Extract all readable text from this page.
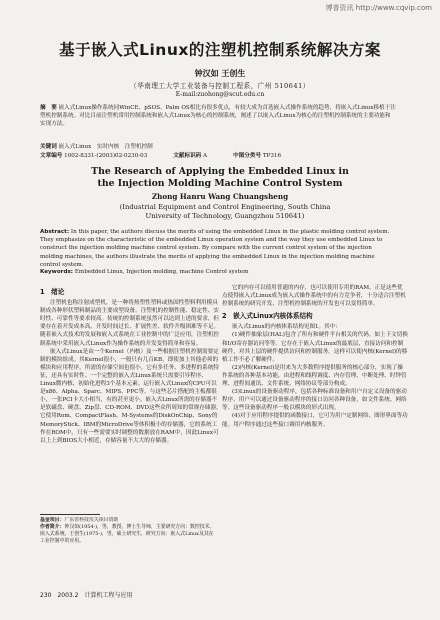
博普资讯 http://www.cqvip.com
基于嵌入式Linux的注塑机控制系统解决方案
钟汉如 王创生
（华南理工大学工业装备与控制工程系，广州 510641）
E-mail:zuohong@scut.edu.cn
摘　要 嵌入式Linux操作系统同WinCE、pSOS、Palm OS相比有很多优点，有较大成为首选嵌入式操作系统的趋势，将嵌入式Linux移植于注塑机控制系统。对比目前注塑机常用控制系统和嵌入式Linux为核心的控制系统，阐述了以嵌入式Linux为核心的注塑机控制系统的主要功能和实现方法。
关键词 嵌入式Linux　实时内核　注塑机控制
文章编号 1002-8331-(2003)02-0230-03	文献标识码 A	中图分类号 TP316
The Research of Applying the Embedded Linux in
the Injection Molding Machine Control System
Zhong Hanru Wang Chuangsheng
(Industrial Equipment and Control Engineering, South China University of Technology, Guangzhou 510641)
Abstract: In this paper, the authors discuss the merits of using the embedded Linux in the plastic molding control system. They emphasize on the characteristic of the embedded Linux operation system and the way they use embedded Linux to construct the injection molding machine control system. By compare with the current control system of the injection molding machines, the authors illustrate the merits of applying the embedded Linux in the injection molding machine control system.
Keywords: Embedded Linux, Injection molding, machine Control system
1　绪论

注塑机也称注射成型机，是一种将热塑性塑料或热固性塑料利用模具制成各种形状塑料制品的主要成型设备。注塑机的控制性能、稳定性、实时性、可靠性等要求较高。传统的控制系统虽然可以达到上述的要求，但要存在着开发成本高、开发时间过长、扩展性差、软件升级困难等不足。随着嵌入式技术的发展和嵌入式系统在工业控制中的广泛应用，注塑机控制系统中采用嵌入式Linux作为操作系统的开发变得简单和容易。

嵌入式Linux是由一个Kernel（内核）及一些根据注塑机控制需要定制的模块组成。其Kernel很小，一般只有几百KB，即使加上其他必须的模块和应用程序，所需的存储空间也很小。它有多任务、多进程的系统特征，还具有实时性。一个完整的嵌入式Linux系统只需要引导程序、Linux微内核、初始化进程3个基本元素。运行嵌入式Linux的CPU可以是x86、Alpha、Sparc、MIPS、PPC等。与这些芯片搭配的主板都很小，一张PCI卡大小相当，有的甚至更小。嵌入式Linux所需的存储器不是软磁盘、硬盘、Zip盘、CD-ROM、DVD这些众所周知的常规存储器，它使用Rom、CompactFlash、M-Systems的DiskOnChip、Sony的MemoryStick、IBM的MicroDrive等体积极小的存储器，它的系统工作在ROM中，只有一些需要实时调整的数据放在RAM中，因此Linux可以上上到BIOS大小相近，存储容量不大大的存储器。

它的内存可以使用普通的内存，也可以使用专用的RAM。正是这些优点使得嵌入式Linux成为嵌入式操作系统中的有力竞争者，十分适合注塑机控制系统的研究开发，注塑机控制系统的开发也可以变得简单。

2　嵌入式Linux内核体系结构

嵌入式Linux的内核体系结构见图1。其中：

(1)硬件抽象层(HAL)包含了所有和硬件平台相关的代码。如上下文切换和I/O寄存器访问等等。它存在于嵌入式Linux的最底层，直接访问和控制硬件，对其上层的硬件提供访问和控制服务。这样可以使内核(Kernel)的移植工作不必了解硬件。

(2)内核(Kernel)是用来为大多数程序提供服务的核心部分，实现了操作系统的各种基本功能，由进程和线程调度、内存管理、中断处理、时钟管理、进程间通讯、文件系统、网络协议等部分构成。

(3)Linux的设备驱动程序，包括各种标准设备和用户自定义设备的驱动程序。用户可以通过设备驱动程序的接口访问各种设备，如文件系统、网络等。这些设备驱动程序一般以模块的形式出现。

(4)对于应用程序提供的函数接口，它可为用户定制网络、图形界面等功能。用户程序通过这些接口调用内核服务。

基金项目：广东省科技攻关项目资助
作者简介：钟汉如(1954-)，男，教授，博士生导师，主要研究方向：数控技术、嵌入式系统。王创生(1975-)，男，硕士研究生，研究方向：嵌入式Linux及其在工业控制中的应用。
230　2003.2　计算机工程与应用
